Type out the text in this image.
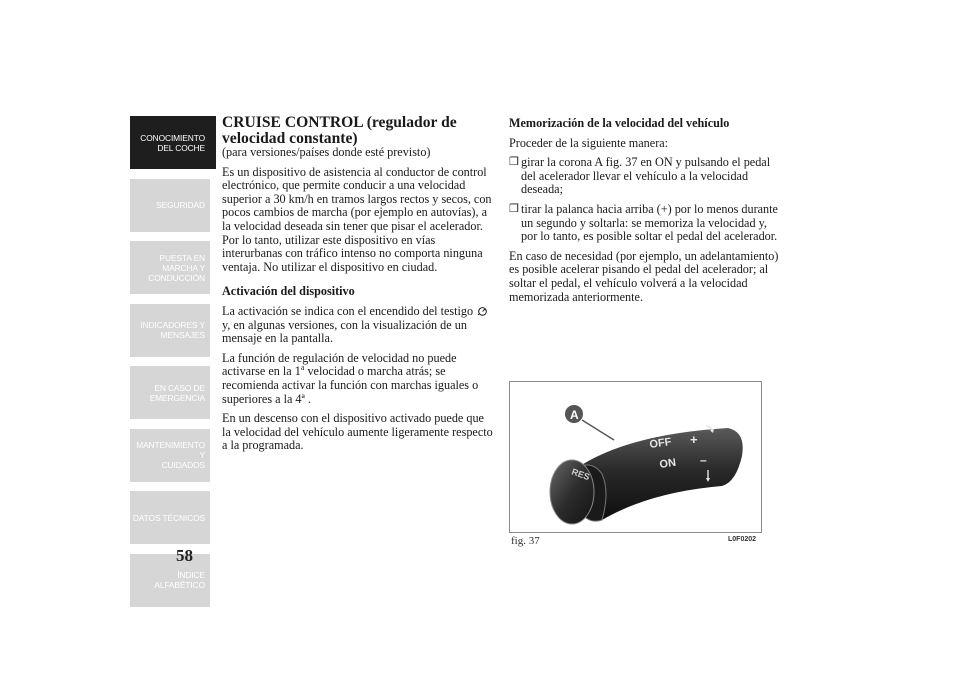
CONOCIMIENTO
DEL COCHE
SEGURIDAD
PUESTA EN
MARCHA Y
CONDUCCIÓN
INDICADORES Y
MENSAJES
EN CASO DE
EMERGENCIA
MANTENIMIENTO Y
CUIDADOS
DATOS TÉCNICOS
ÍNDICE
ALFABÉTICO
58
CRUISE CONTROL (regulador de velocidad constante)
(para versiones/países donde esté previsto)

Es un dispositivo de asistencia al conductor de control electrónico, que permite conducir a una velocidad superior a 30 km/h en tramos largos rectos y secos, con pocos cambios de marcha (por ejemplo en autovías), a la velocidad deseada sin tener que pisar el acelerador. Por lo tanto, utilizar este dispositivo en vías interurbanas con tráfico intenso no comporta ninguna ventaja. No utilizar el dispositivo en ciudad.

Activación del dispositivo

La activación se indica con el encendido del testigo y, en algunas versiones, con la visualización de un mensaje en la pantalla.

La función de regulación de velocidad no puede activarse en la 1$^a$ velocidad o marcha atrás; se recomienda activar la función con marchas iguales o superiores a la 4ª .

En un descenso con el dispositivo activado puede que la velocidad del vehículo aumente ligeramente respecto a la programada.

Memorización de la velocidad del vehículo

Proceder de la siguiente manera:

❒ girar la corona A fig. 37 en ON y pulsando el pedal del acelerador llevar el vehículo a la velocidad deseada;
❒ tirar la palanca hacia arriba (+) por lo menos durante un segundo y soltarla: se memoriza la velocidad y, por lo tanto, es posible soltar el pedal del acelerador.

En caso de necesidad (por ejemplo, un adelantamiento) es posible acelerar pisando el pedal del acelerador; al soltar el pedal, el vehículo volverá a la velocidad memorizada anteriormente.

RES
OFF
ON
+
–
A
fig. 37	L0F0202
